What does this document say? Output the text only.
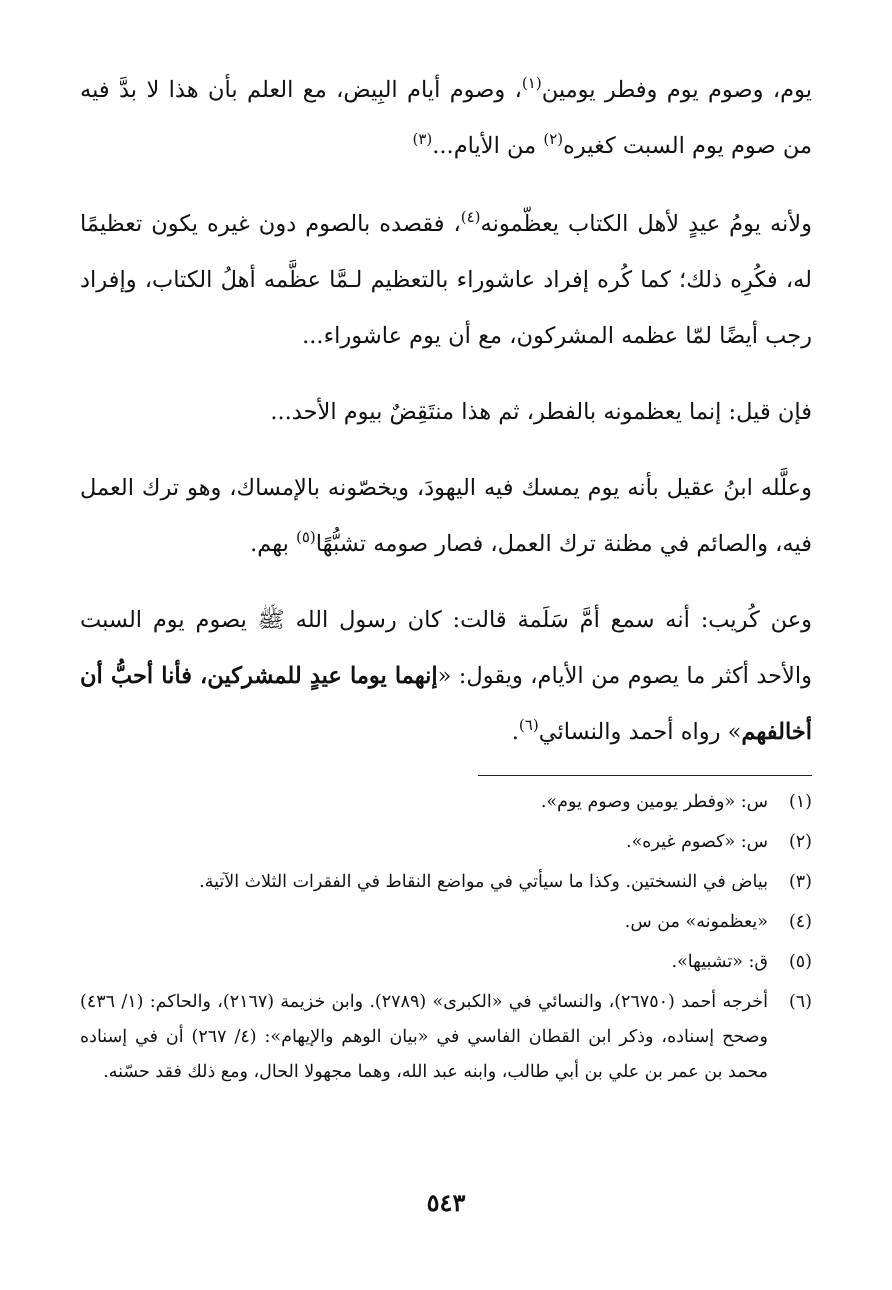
يوم، وصوم يوم وفطر يومين$^{(١)}$، وصوم أيام البِيض، مع العلم بأن هذا لا بدَّ فيه من صوم يوم السبت كغيره$^{(٢)}$ من الأيام...$^{(٣)}$

ولأنه يومُ عيدٍ لأهل الكتاب يعظّمونه$^{(٤)}$، فقصده بالصوم دون غيره يكون تعظيمًا له، فكُرِه ذلك؛ كما كُره إفراد عاشوراء بالتعظيم لـمَّا عظَّمه أهلُ الكتاب، وإفراد رجب أيضًا لمّا عظمه المشركون، مع أن يوم عاشوراء...

فإن قيل: إنما يعظمونه بالفطر، ثم هذا منتَقِضٌ بيوم الأحد...

وعلَّله ابنُ عقيل بأنه يوم يمسك فيه اليهودَ، ويخصّونه بالإمساك، وهو ترك العمل فيه، والصائم في مظنة ترك العمل، فصار صومه تشبُّهًا$^{(٥)}$ بهم.

وعن كُريب: أنه سمع أمَّ سَلَمة قالت: كان رسول الله ﷺ يصوم يوم السبت والأحد أكثر ما يصوم من الأيام، ويقول: «إنهما يوما عيدٍ للمشركين، فأنا أحبُّ أن أخالفهم» رواه أحمد والنسائي$^{(٦)}$.

(١)
س: «وفطر يومين وصوم يوم».
(٢)
س: «كصوم غيره».
(٣)
بياض في النسختين. وكذا ما سيأتي في مواضع النقاط في الفقرات الثلاث الآتية.
(٤)
«يعظمونه» من س.
(٥)
ق: «تشبيها».
(٦)
أخرجه أحمد (٢٦٧٥٠)، والنسائي في «الكبرى» (٢٧٨٩). وابن خزيمة (٢١٦٧)، والحاكم: (١/ ٤٣٦) وصحح إسناده، وذكر ابن القطان الفاسي في «بيان الوهم والإيهام»: (٤/ ٢٦٧) أن في إسناده محمد بن عمر بن علي بن أبي طالب، وابنه عبد الله، وهما مجهولا الحال، ومع ذلك فقد حسّنه.
٥٤٣
